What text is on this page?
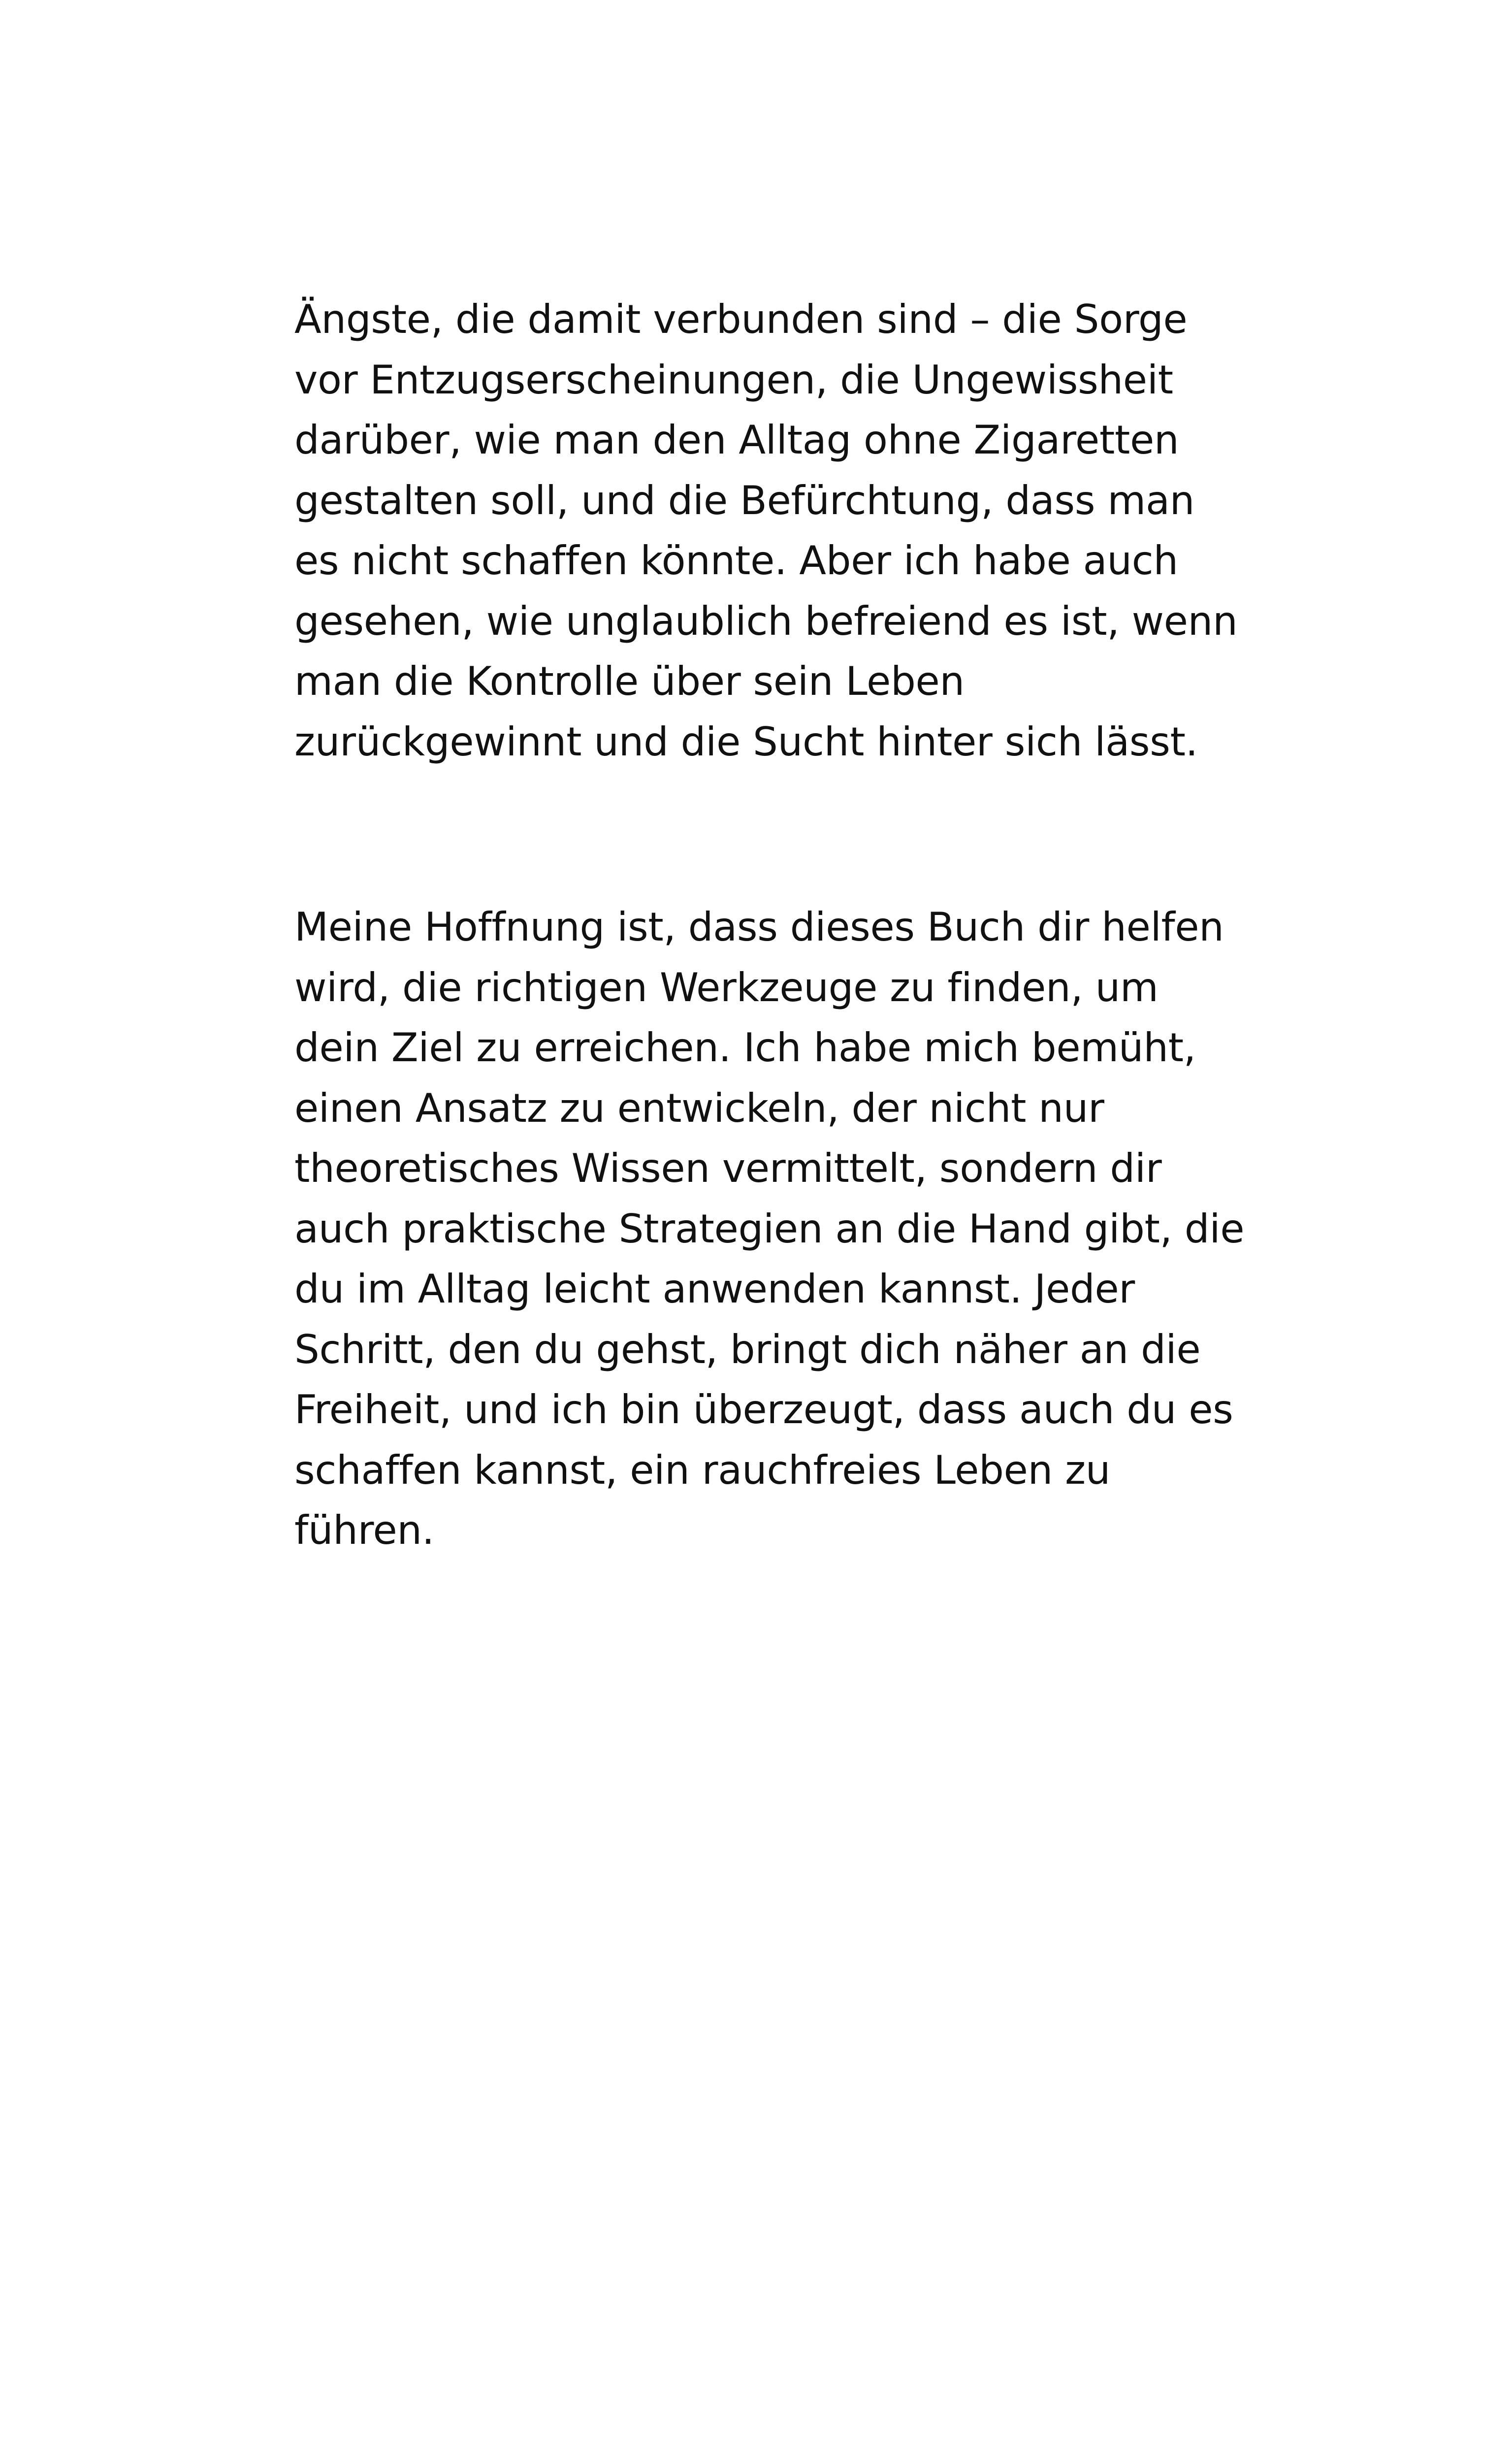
Ängste, die damit verbunden sind – die Sorge
vor Entzugserscheinungen, die Ungewissheit
darüber, wie man den Alltag ohne Zigaretten
gestalten soll, und die Befürchtung, dass man
es nicht schaffen könnte. Aber ich habe auch
gesehen, wie unglaublich befreiend es ist, wenn
man die Kontrolle über sein Leben
zurückgewinnt und die Sucht hinter sich lässt.
Meine Hoffnung ist, dass dieses Buch dir helfen
wird, die richtigen Werkzeuge zu finden, um
dein Ziel zu erreichen. Ich habe mich bemüht,
einen Ansatz zu entwickeln, der nicht nur
theoretisches Wissen vermittelt, sondern dir
auch praktische Strategien an die Hand gibt, die
du im Alltag leicht anwenden kannst. Jeder
Schritt, den du gehst, bringt dich näher an die
Freiheit, und ich bin überzeugt, dass auch du es
schaffen kannst, ein rauchfreies Leben zu
führen.
